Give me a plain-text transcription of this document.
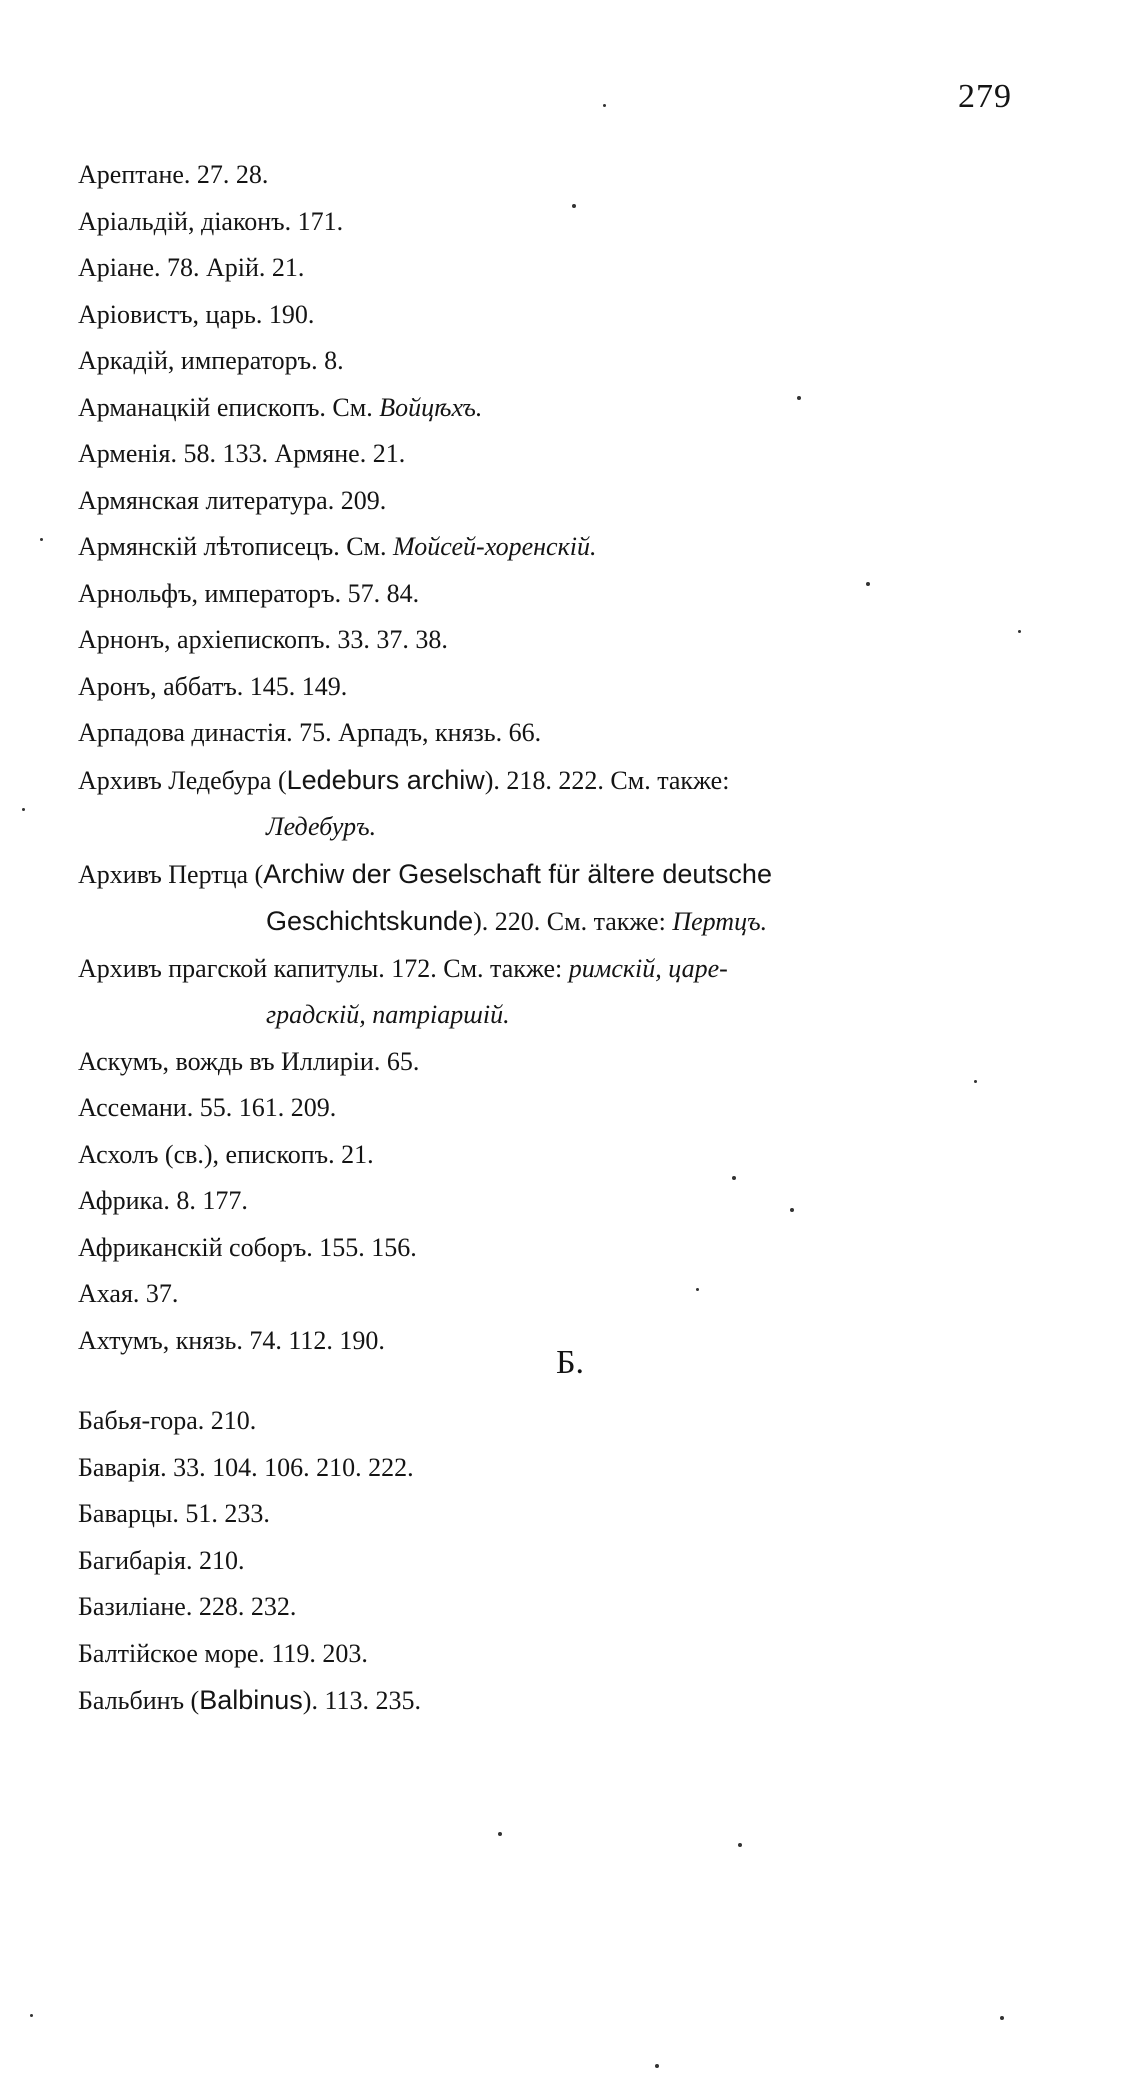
279
Арептане. 27. 28.
Аріальдій, діаконъ. 171.
Аріане. 78. Арій. 21.
Аріовистъ, царь. 190.
Аркадій, императоръ. 8.
Арманацкій епископъ. См. Войцѣхъ.
Арменія. 58. 133. Армяне. 21.
Армянская литература. 209.
Армянскій лѣтописецъ. См. Мойсей-хоренскій.
Арнольфъ, императоръ. 57. 84.
Арнонъ, архіепископъ. 33. 37. 38.
Аронъ, аббатъ. 145. 149.
Арпадова династія. 75. Арпадъ, князь. 66.
Архивъ Ледебура (Ledeburs archiw). 218. 222. См. также:
Ледебуръ.
Архивъ Пертца (Archiw der Geselschaft für ältere deutsche
Geschichtskunde). 220. См. также: Пертцъ.
Архивъ прагской капитулы. 172. См. также: римскій, царе-
градскій, патріаршій.
Аскумъ, вождь въ Иллиріи. 65.
Ассемани. 55. 161. 209.
Асхолъ (св.), епископъ. 21.
Африка. 8. 177.
Африканскій соборъ. 155. 156.
Ахая. 37.
Ахтумъ, князь. 74. 112. 190.
Б.
Бабья-гора. 210.
Баварія. 33. 104. 106. 210. 222.
Баварцы. 51. 233.
Багибарія. 210.
Базиліане. 228. 232.
Балтійское море. 119. 203.
Бальбинъ (Balbinus). 113. 235.
